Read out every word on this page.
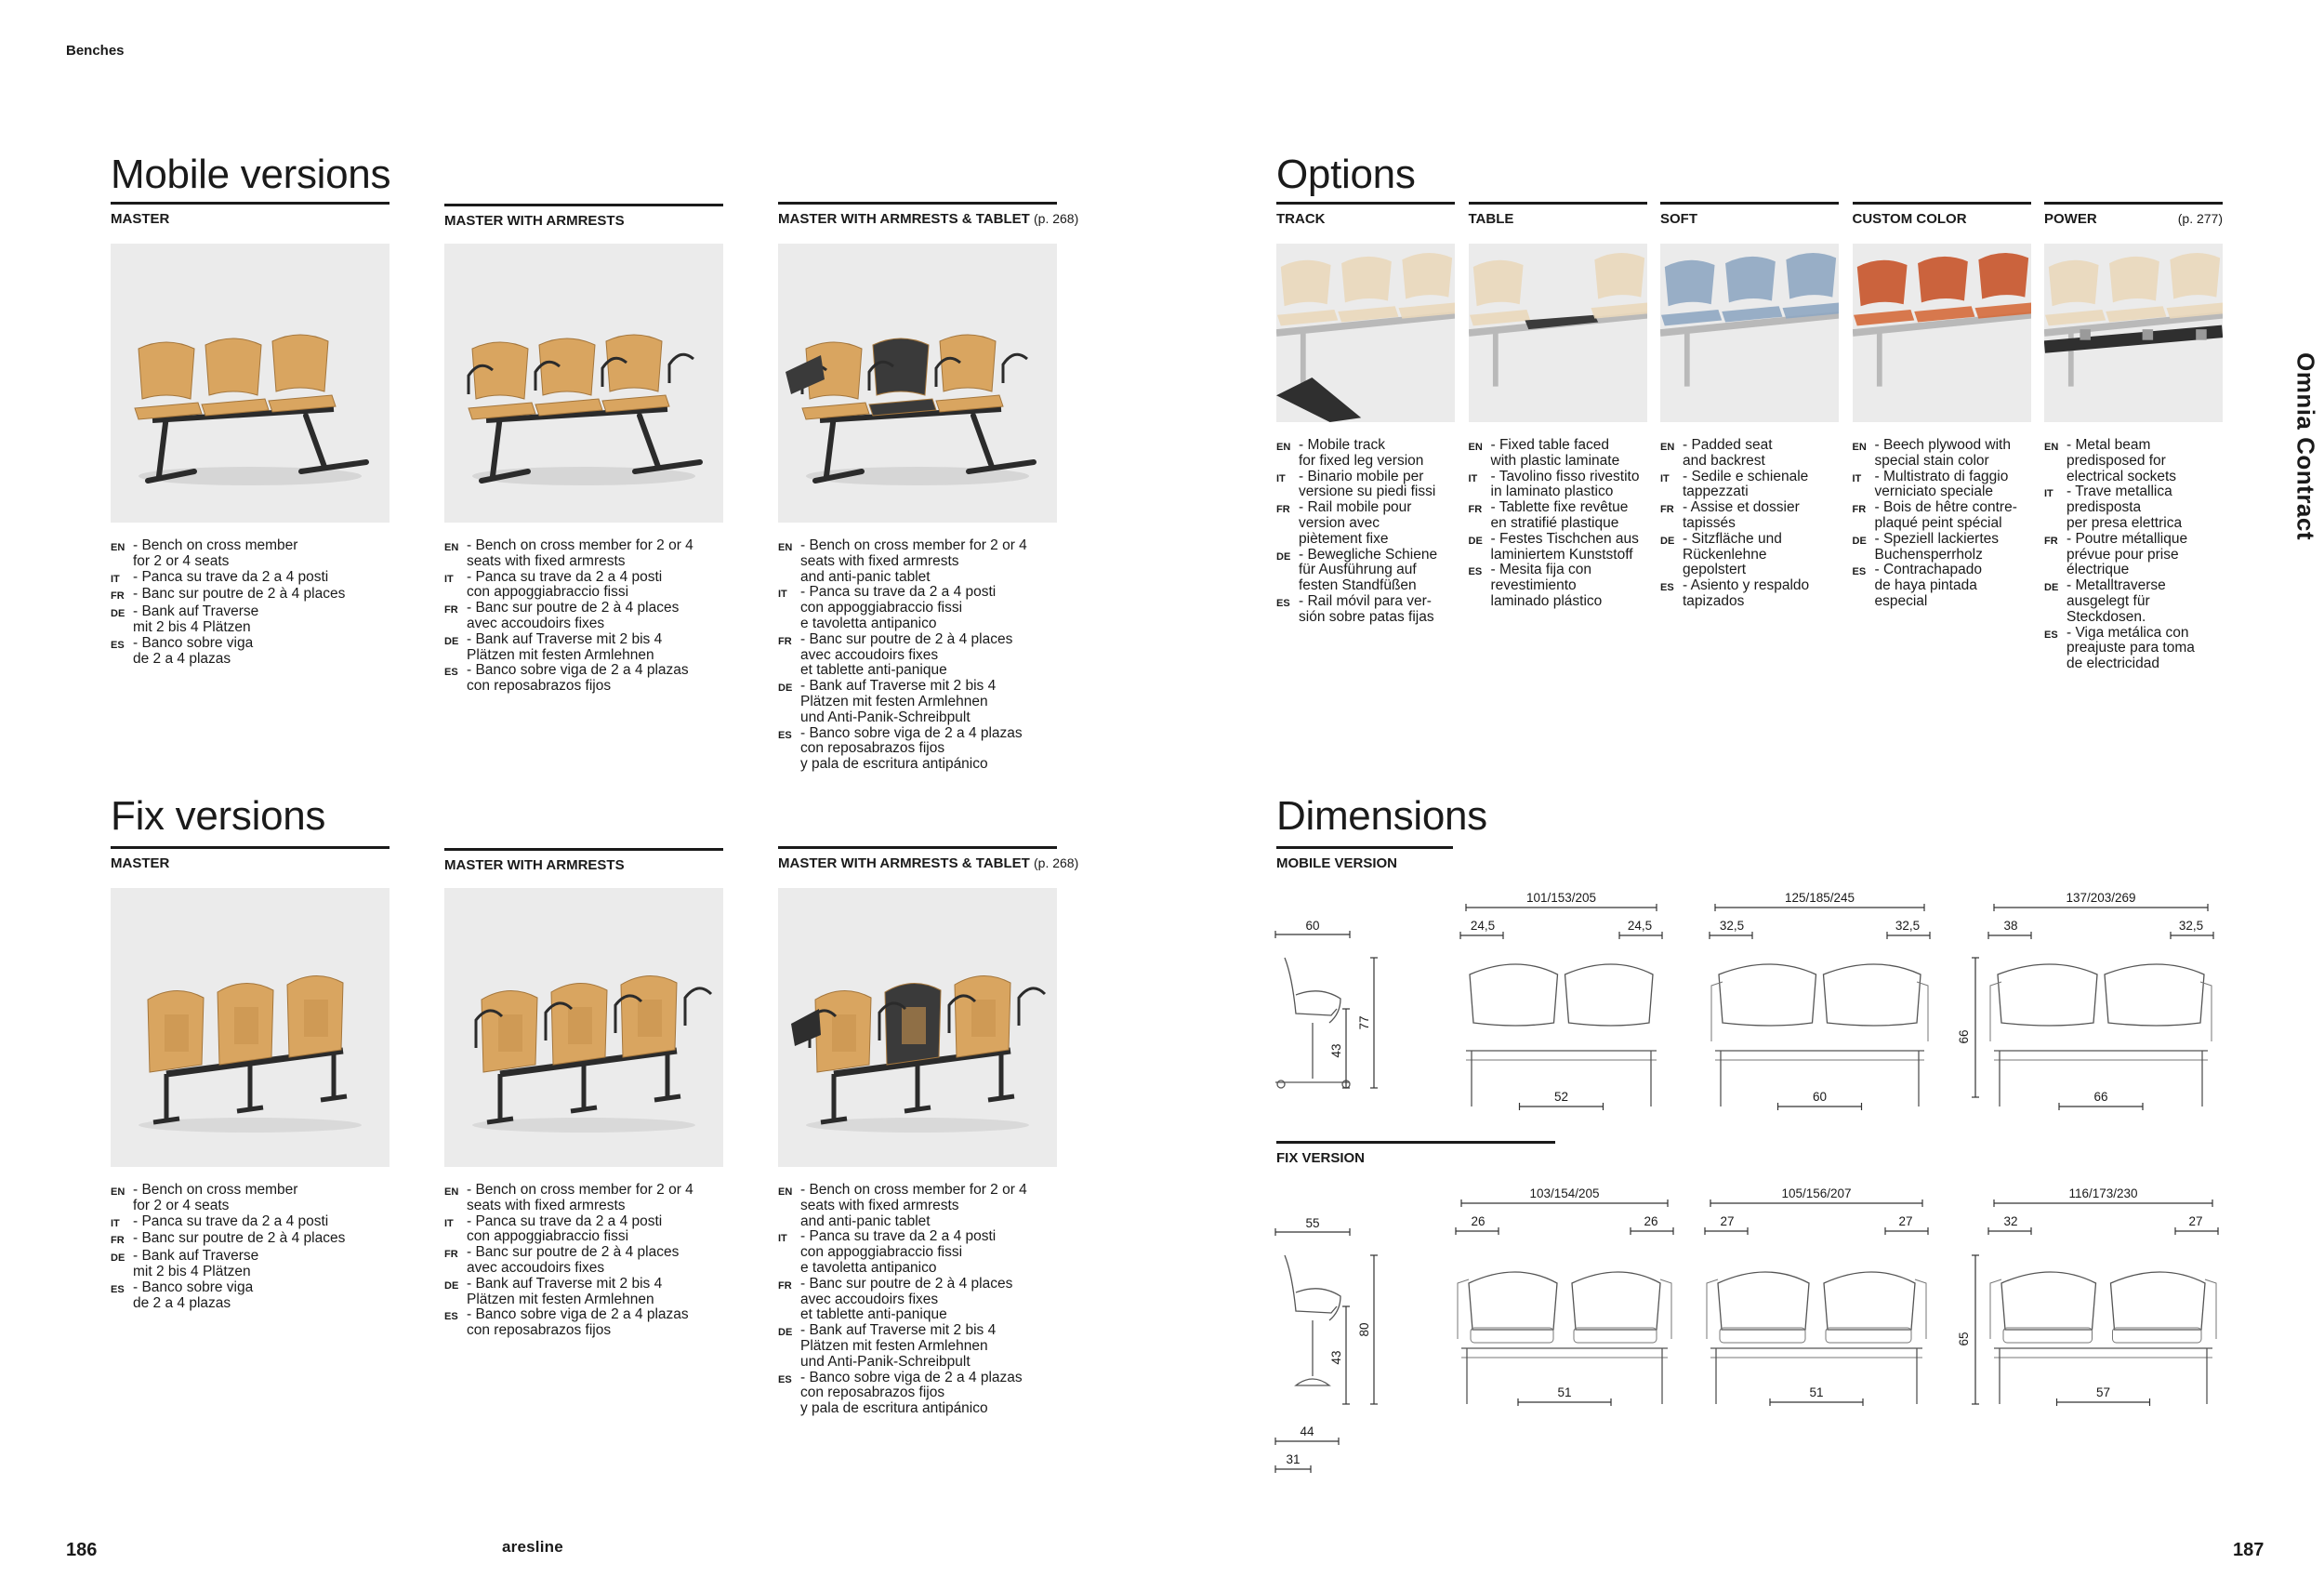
Benches
Omnia Contract
186	187
aresline
Mobile versions
MASTER
EN - Bench on cross member
for 2 or 4 seats
IT - Panca su trave da 2 a 4 posti
FR - Banc sur poutre de 2 à 4 places
DE - Bank auf Traverse
mit 2 bis 4 Plätzen
ES - Banco sobre viga
de 2 a 4 plazas
MASTER WITH ARMRESTS
EN - Bench on cross member for 2 or 4
seats with fixed armrests
IT - Panca su trave da 2 a 4 posti
con appoggiabraccio fissi
FR - Banc sur poutre de 2 à 4 places
avec accoudoirs fixes
DE - Bank auf Traverse mit 2 bis 4
Plätzen mit festen Armlehnen
ES - Banco sobre viga de 2 a 4 plazas
con reposabrazos fijos
MASTER WITH ARMRESTS & TABLET (p. 268)
EN - Bench on cross member for 2 or 4
seats with fixed armrests
and anti-panic tablet
IT - Panca su trave da 2 a 4 posti
con appoggiabraccio fissi
e tavoletta antipanico
FR - Banc sur poutre de 2 à 4 places
avec accoudoirs fixes
et tablette anti-panique
DE - Bank auf Traverse mit 2 bis 4
Plätzen mit festen Armlehnen
und Anti-Panik-Schreibpult
ES - Banco sobre viga de 2 a 4 plazas
con reposabrazos fijos
y pala de escritura antipánico
Fix versions
MASTER
EN - Bench on cross member
for 2 or 4 seats
IT - Panca su trave da 2 a 4 posti
FR - Banc sur poutre de 2 à 4 places
DE - Bank auf Traverse
mit 2 bis 4 Plätzen
ES - Banco sobre viga
de 2 a 4 plazas
MASTER WITH ARMRESTS
EN - Bench on cross member for 2 or 4
seats with fixed armrests
IT - Panca su trave da 2 a 4 posti
con appoggiabraccio fissi
FR - Banc sur poutre de 2 à 4 places
avec accoudoirs fixes
DE - Bank auf Traverse mit 2 bis 4
Plätzen mit festen Armlehnen
ES - Banco sobre viga de 2 a 4 plazas
con reposabrazos fijos
MASTER WITH ARMRESTS & TABLET (p. 268)
EN - Bench on cross member for 2 or 4
seats with fixed armrests
and anti-panic tablet
IT - Panca su trave da 2 a 4 posti
con appoggiabraccio fissi
e tavoletta antipanico
FR - Banc sur poutre de 2 à 4 places
avec accoudoirs fixes
et tablette anti-panique
DE - Bank auf Traverse mit 2 bis 4
Plätzen mit festen Armlehnen
und Anti-Panik-Schreibpult
ES - Banco sobre viga de 2 a 4 plazas
con reposabrazos fijos
y pala de escritura antipánico
Options
TRACK
EN - Mobile track
for fixed leg version
IT - Binario mobile per
versione su piedi fissi
FR - Rail mobile pour
version avec
piètement fixe
DE - Bewegliche Schiene
für Ausführung auf
festen Standfüßen
ES - Rail móvil para ver-
sión sobre patas fijas
TABLE
EN - Fixed table faced
with plastic laminate
IT - Tavolino fisso rivestito
in laminato plastico
FR - Tablette fixe revêtue
en stratifié plastique
DE - Festes Tischchen aus
laminiertem Kunststoff
ES - Mesita fija con
revestimiento
laminado plástico
SOFT
EN - Padded seat
and backrest
IT - Sedile e schienale
tappezzati
FR - Assise et dossier
tapissés
DE - Sitzfläche und
Rückenlehne
gepolstert
ES - Asiento y respaldo
tapizados
CUSTOM COLOR
EN - Beech plywood with
special stain color
IT - Multistrato di faggio
verniciato speciale
FR - Bois de hêtre contre-
plaqué peint spécial
DE - Speziell lackiertes
Buchensperrholz
ES - Contrachapado
de haya pintada
especial
POWER	(p. 277)
EN - Metal beam
predisposed for
electrical sockets
IT - Trave metallica
predisposta
per presa elettrica
FR - Poutre métallique
prévue pour prise
électrique
DE - Metalltraverse
ausgelegt für
Steckdosen.
ES - Viga metálica con
preajuste para toma
de electricidad
Dimensions
MOBILE VERSION
FIX VERSION
60
43
77
101/153/205
24,5	24,5
52
125/185/245
32,5	32,5
60
137/203/269
38	32,5
66
66
55
43
80
44
31
103/154/205
26	26
51
105/156/207
27	27
51
116/173/230
32	27
57
65
